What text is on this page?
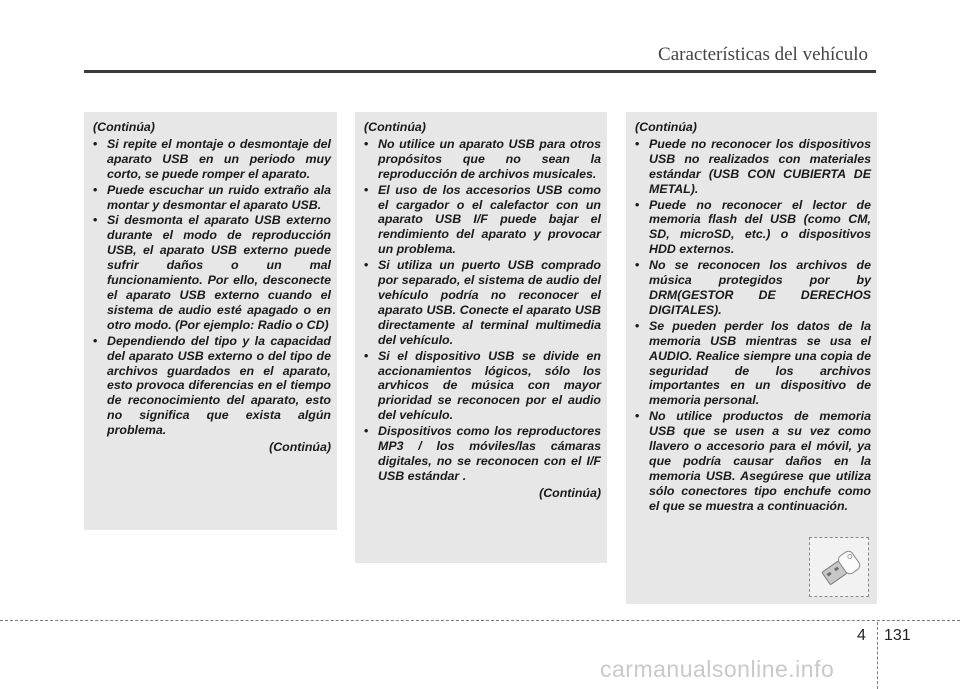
Características del vehículo
(Continúa)
• Si repite el montaje o desmontaje del aparato USB en un periodo muy corto, se puede romper el aparato.
• Puede escuchar un ruido extraño ala montar y desmontar el aparato USB.
• Si desmonta el aparato USB externo durante el modo de reproducción USB, el aparato USB externo puede sufrir daños o un mal funcionamiento. Por ello, desconecte el aparato USB externo cuando el sistema de audio esté apagado o en otro modo. (Por ejemplo: Radio o CD)
• Dependiendo del tipo y la capacidad del aparato USB externo o del tipo de archivos guardados en el aparato, esto provoca diferencias en el tiempo de reconocimiento del aparato, esto no significa que exista algún problema.
(Continúa)
(Continúa)
• No utilice un aparato USB para otros propósitos que no sean la reproducción de archivos musicales.
• El uso de los accesorios USB como el cargador o el calefactor con un aparato USB I/F puede bajar el rendimiento del aparato y provocar un problema.
• Si utiliza un puerto USB comprado por separado, el sistema de audio del vehículo podría no reconocer el aparato USB. Conecte el aparato USB directamente al terminal multimedia del vehículo.
• Si el dispositivo USB se divide en accionamientos lógicos, sólo los arvhicos de música con mayor prioridad se reconocen por el audio del vehículo.
• Dispositivos como los reproductores MP3 / los móviles/las cámaras digitales, no se reconocen con el I/F USB estándar .
(Continúa)
(Continúa)
• Puede no reconocer los dispositivos USB no realizados con materiales estándar (USB CON CUBIERTA DE METAL).
• Puede no reconocer el lector de memoria flash del USB (como CM, SD, microSD, etc.) o dispositivos HDD externos.
• No se reconocen los archivos de música protegidos por by DRM(GESTOR DE DERECHOS DIGITALES).
• Se pueden perder los datos de la memoria USB mientras se usa el AUDIO. Realice siempre una copia de seguridad de los archivos importantes en un dispositivo de memoria personal.
• No utilice productos de memoria USB que se usen a su vez como llavero o accesorio para el móvil, ya que podría causar daños en la memoria USB. Asegúrese que utiliza sólo conectores tipo enchufe como el que se muestra a continuación.
4 131
carmanualsonline.info
